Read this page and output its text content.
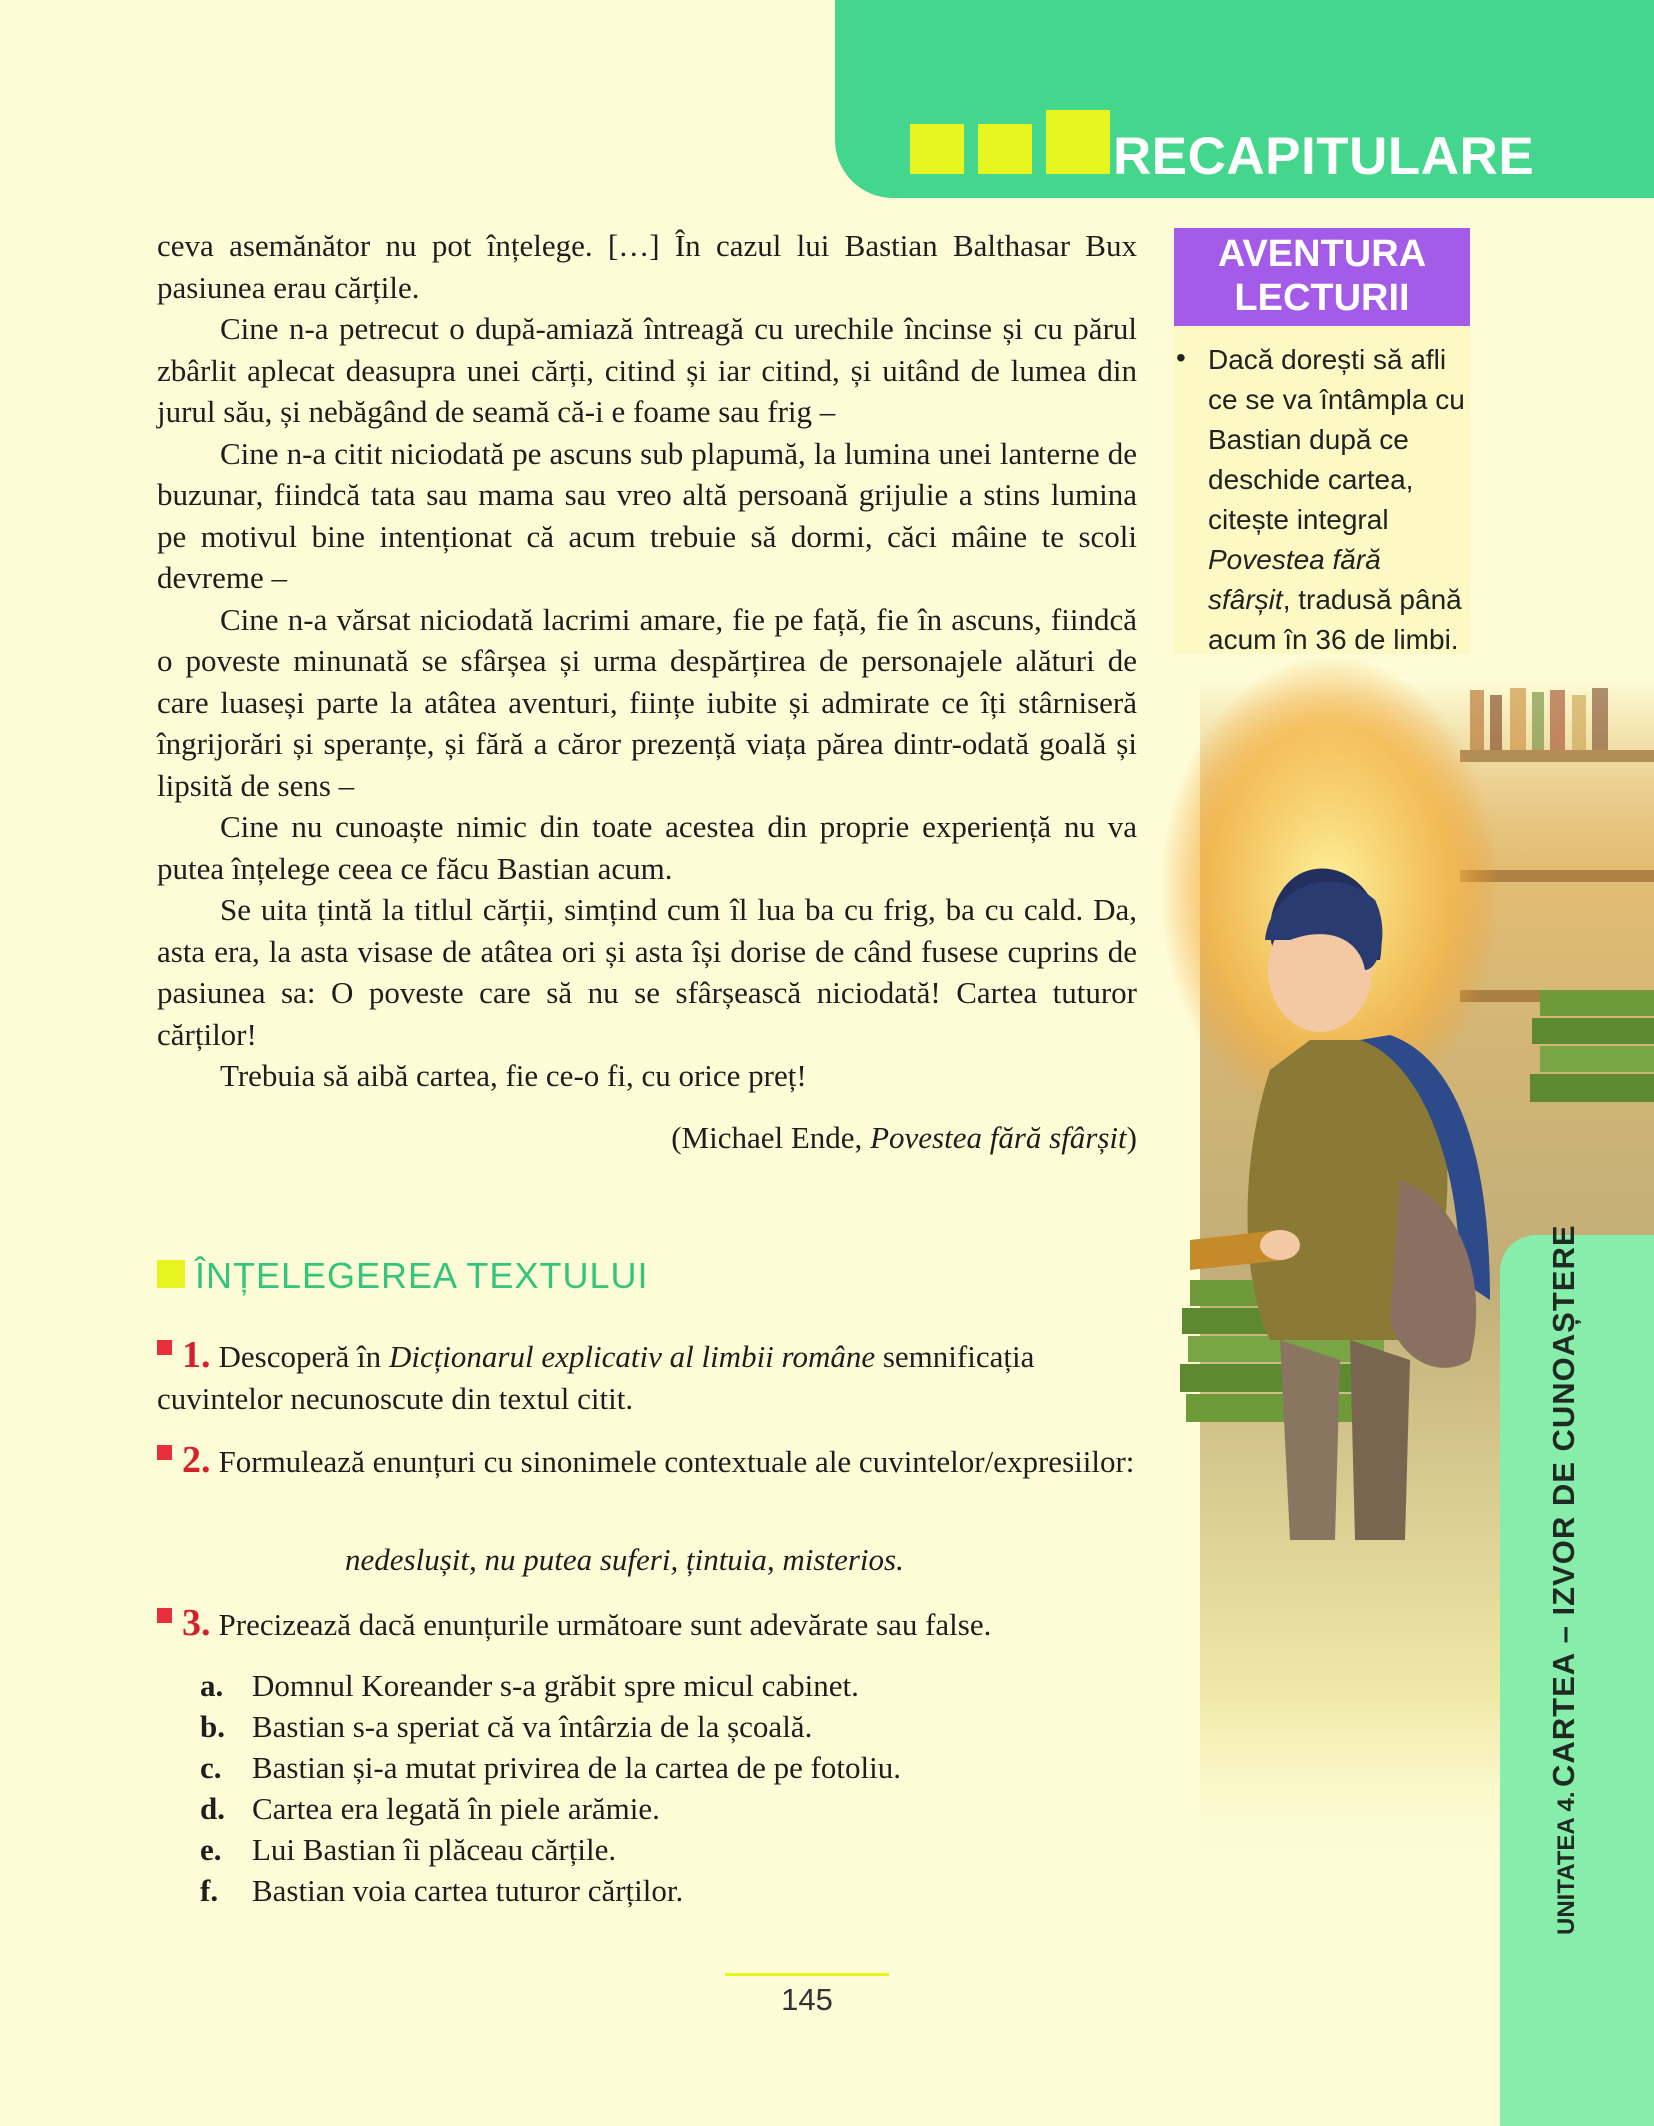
RECAPITULARE
AVENTURA
LECTURII
• Dacă dorești să afli ce se va întâmpla cu Bastian după ce deschide cartea, citește integral Povestea fără sfârșit, tradusă până acum în 36 de limbi.
UNITATEA 4. CARTEA – IZVOR DE CUNOAȘTERE

ceva asemănător nu pot înțelege. […] În cazul lui Bastian Balthasar Bux pasiunea erau cărțile.

Cine n-a petrecut o după-amiază întreagă cu urechile încinse și cu părul zbârlit aplecat deasupra unei cărți, citind și iar citind, și uitând de lumea din jurul său, și nebăgând de seamă că-i e foame sau frig –

Cine n-a citit niciodată pe ascuns sub plapumă, la lumina unei lanterne de buzunar, fiindcă tata sau mama sau vreo altă persoană grijulie a stins lumina pe motivul bine intenționat că acum trebuie să dormi, căci mâine te scoli devreme –

Cine n-a vărsat niciodată lacrimi amare, fie pe față, fie în ascuns, fiindcă o poveste minunată se sfârșea și urma despărțirea de personajele alături de care luaseși parte la atâtea aventuri, ființe iubite și admirate ce îți stârniseră îngrijorări și speranțe, și fără a căror prezență viața părea dintr-odată goală și lipsită de sens –

Cine nu cunoaște nimic din toate acestea din proprie experiență nu va putea înțelege ceea ce făcu Bastian acum.

Se uita țintă la titlul cărții, simțind cum îl lua ba cu frig, ba cu cald. Da, asta era, la asta visase de atâtea ori și asta își dorise de când fusese cuprins de pasiunea sa: O poveste care să nu se sfârșească niciodată! Cartea tuturor cărților!

Trebuia să aibă cartea, fie ce-o fi, cu orice preț!

(Michael Ende, Povestea fără sfârșit)
ÎNȚELEGEREA TEXTULUI
1. Descoperă în Dicționarul explicativ al limbii române semnificația cuvintelor necunoscute din textul citit.
2. Formulează enunțuri cu sinonimele contextuale ale cuvintelor/expresiilor:
nedeslușit, nu putea suferi, țintuia, misterios.
3. Precizează dacă enunțurile următoare sunt adevărate sau false.
a. Domnul Koreander s-a grăbit spre micul cabinet.
b. Bastian s-a speriat că va întârzia de la școală.
c. Bastian și-a mutat privirea de la cartea de pe fotoliu.
d. Cartea era legată în piele arămie.
e. Lui Bastian îi plăceau cărțile.
f.	Bastian voia cartea tuturor cărților.
145
